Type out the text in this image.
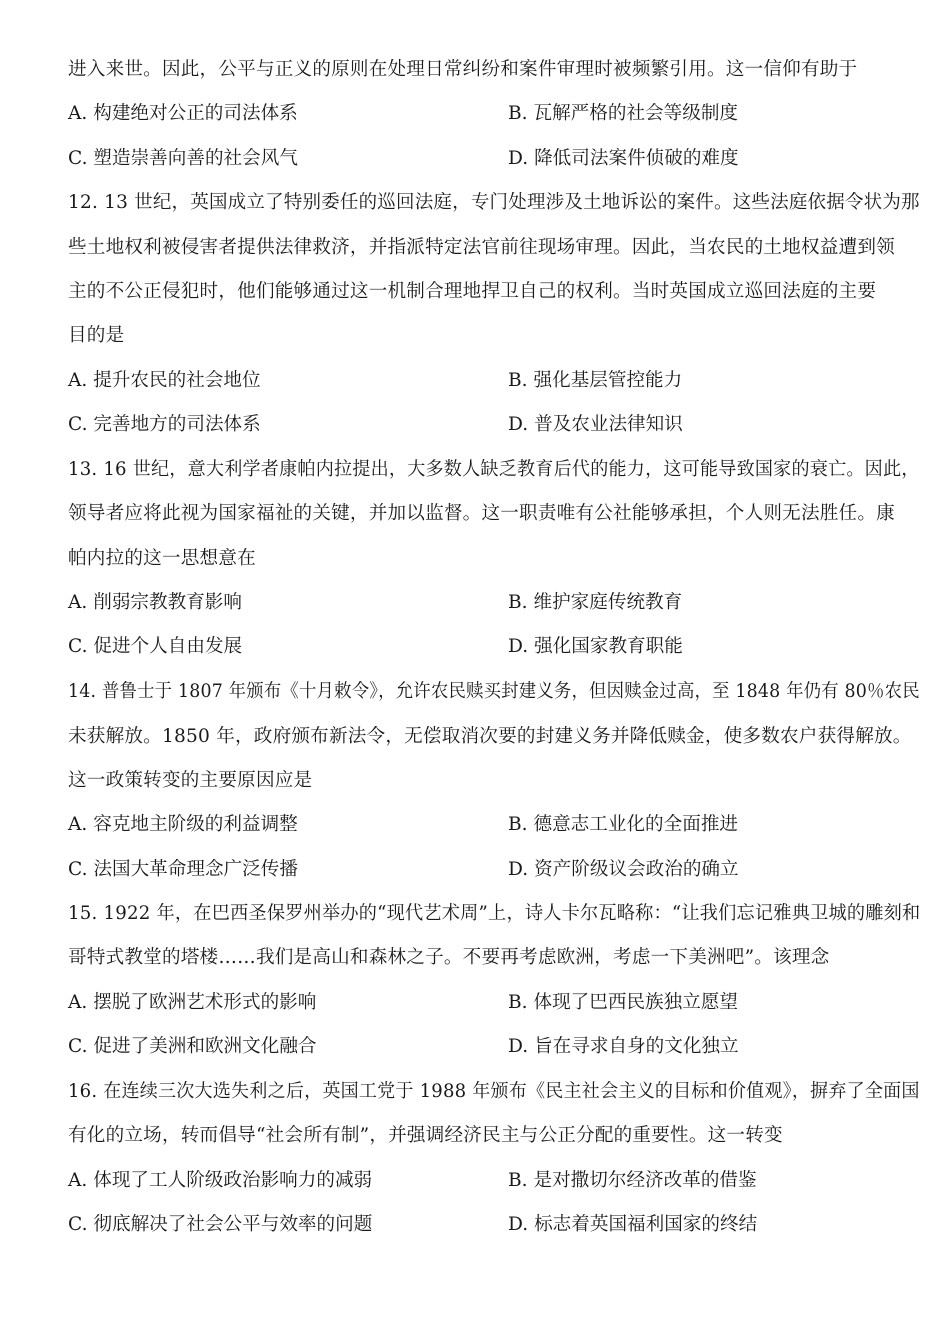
进入来世。因此，公平与正义的原则在处理日常纠纷和案件审理时被频繁引用。这一信仰有助于
A. 构建绝对公正的司法体系	B. 瓦解严格的社会等级制度
C. 塑造崇善向善的社会风气	D. 降低司法案件侦破的难度
12. 13 世纪，英国成立了特别委任的巡回法庭，专门处理涉及土地诉讼的案件。这些法庭依据令状为那
些土地权利被侵害者提供法律救济，并指派特定法官前往现场审理。因此，当农民的土地权益遭到领
主的不公正侵犯时，他们能够通过这一机制合理地捍卫自己的权利。当时英国成立巡回法庭的主要
目的是
A. 提升农民的社会地位	B. 强化基层管控能力
C. 完善地方的司法体系	D. 普及农业法律知识
13. 16 世纪，意大利学者康帕内拉提出，大多数人缺乏教育后代的能力，这可能导致国家的衰亡。因此，
领导者应将此视为国家福祉的关键，并加以监督。这一职责唯有公社能够承担，个人则无法胜任。康
帕内拉的这一思想意在
A. 削弱宗教教育影响	B. 维护家庭传统教育
C. 促进个人自由发展	D. 强化国家教育职能
14. 普鲁士于 1807 年颁布《十月敕令》，允许农民赎买封建义务，但因赎金过高，至 1848 年仍有 80％农民
未获解放。1850 年，政府颁布新法令，无偿取消次要的封建义务并降低赎金，使多数农户获得解放。
这一政策转变的主要原因应是
A. 容克地主阶级的利益调整	B. 德意志工业化的全面推进
C. 法国大革命理念广泛传播	D. 资产阶级议会政治的确立
15. 1922 年，在巴西圣保罗州举办的“现代艺术周”上，诗人卡尔瓦略称：“让我们忘记雅典卫城的雕刻和
哥特式教堂的塔楼……我们是高山和森林之子。不要再考虑欧洲，考虑一下美洲吧”。该理念
A. 摆脱了欧洲艺术形式的影响	B. 体现了巴西民族独立愿望
C. 促进了美洲和欧洲文化融合	D. 旨在寻求自身的文化独立
16. 在连续三次大选失利之后，英国工党于 1988 年颁布《民主社会主义的目标和价值观》，摒弃了全面国
有化的立场，转而倡导“社会所有制”，并强调经济民主与公正分配的重要性。这一转变
A. 体现了工人阶级政治影响力的减弱	B. 是对撒切尔经济改革的借鉴
C. 彻底解决了社会公平与效率的问题	D. 标志着英国福利国家的终结
